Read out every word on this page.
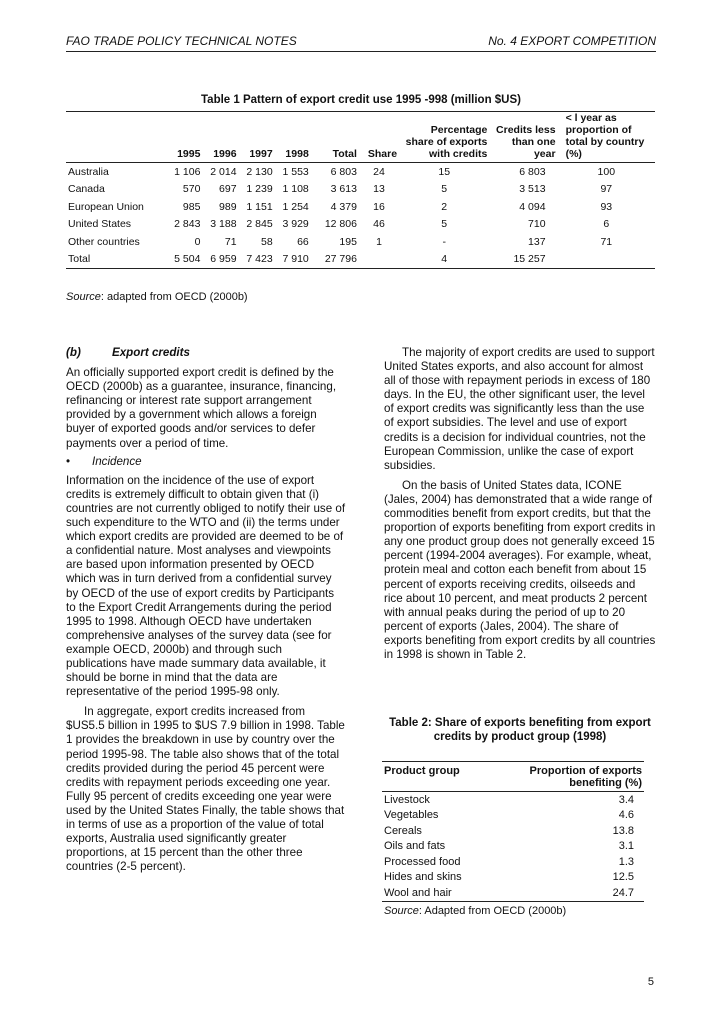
FAO TRADE POLICY TECHNICAL NOTES	No. 4 EXPORT COMPETITION
Table 1 Pattern of export credit use 1995 -998 (million $US)
	1995	1996	1997	1998	Total	Share	Percentage share of exports with credits	Credits less than one year	< l year as proportion of total by country (%)
Australia	1 106	2 014	2 130	1 553	6 803	24	15	6 803	100
Canada	570	697	1 239	1 108	3 613	13	5	3 513	97
European Union	985	989	1 151	1 254	4 379	16	2	4 094	93
United States	2 843	3 188	2 845	3 929	12 806	46	5	710	6
Other countries	0	71	58	66	195	1	-	137	71
Total	5 504	6 959	7 423	7 910	27 796		4	15 257	
Source: adapted from OECD (2000b)

(b)	Export credits

An officially supported export credit is defined by the OECD (2000b) as a guarantee, insurance, financing, refinancing or interest rate support arrangement provided by a government which allows a foreign buyer of exported goods and/or services to defer payments over a period of time.

• Incidence

Information on the incidence of the use of export credits is extremely difficult to obtain given that (i) countries are not currently obliged to notify their use of such expenditure to the WTO and (ii) the terms under which export credits are provided are deemed to be of a confidential nature. Most analyses and viewpoints are based upon information presented by OECD which was in turn derived from a confidential survey by OECD of the use of export credits by Participants to the Export Credit Arrangements during the period 1995 to 1998. Although OECD have undertaken comprehensive analyses of the survey data (see for example OECD, 2000b) and through such publications have made summary data available, it should be borne in mind that the data are representative of the period 1995-98 only.

In aggregate, export credits increased from $US5.5 billion in 1995 to $US 7.9 billion in 1998. Table 1 provides the breakdown in use by country over the period 1995-98. The table also shows that of the total credits provided during the period 45 percent were credits with repayment periods exceeding one year. Fully 95 percent of credits exceeding one year were used by the United States Finally, the table shows that in terms of use as a proportion of the value of total exports, Australia used significantly greater proportions, at 15 percent than the other three countries (2-5 percent).

The majority of export credits are used to support United States exports, and also account for almost all of those with repayment periods in excess of 180 days. In the EU, the other significant user, the level of export credits was significantly less than the use of export subsidies. The level and use of export credits is a decision for individual countries, not the European Commission, unlike the case of export subsidies.

On the basis of United States data, ICONE (Jales, 2004) has demonstrated that a wide range of commodities benefit from export credits, but that the proportion of exports benefiting from export credits in any one product group does not generally exceed 15 percent (1994-2004 averages). For example, wheat, protein meal and cotton each benefit from about 15 percent of exports receiving credits, oilseeds and rice about 10 percent, and meat products 2 percent with annual peaks during the period of up to 20 percent of exports (Jales, 2004). The share of exports benefiting from export credits by all countries in 1998 is shown in Table 2.

Table 2: Share of exports benefiting from export credits by product group (1998)
Product group	Proportion of exports benefiting (%)
Livestock	3.4
Vegetables	4.6
Cereals	13.8
Oils and fats	3.1
Processed food	1.3
Hides and skins	12.5
Wool and hair	24.7
Source: Adapted from OECD (2000b)
5
